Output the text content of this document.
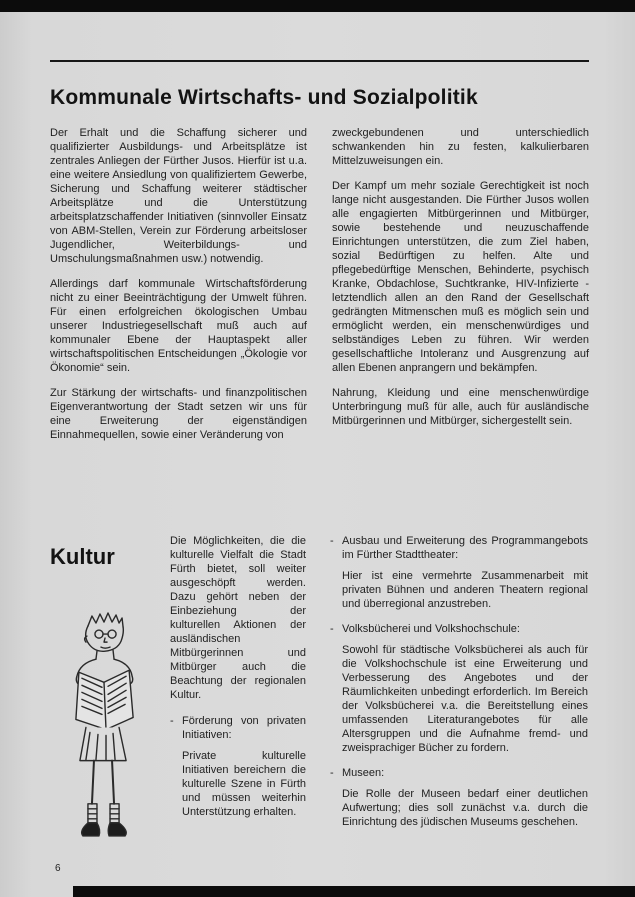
Kommunale Wirtschafts- und Sozialpolitik

Der Erhalt und die Schaffung sicherer und qualifizierter Ausbildungs- und Arbeitsplätze ist zentrales Anliegen der Fürther Jusos. Hierfür ist u.a. eine weitere Ansiedlung von qualifiziertem Gewerbe, Sicherung und Schaffung weiterer städtischer Arbeitsplätze und die Unterstützung arbeitsplatzschaffender Initiativen (sinnvoller Einsatz von ABM-Stellen, Verein zur Förderung arbeitsloser Jugendlicher, Weiterbildungs- und Umschulungsmaßnahmen usw.) notwendig.

Allerdings darf kommunale Wirtschaftsförderung nicht zu einer Beeinträchtigung der Umwelt führen. Für einen erfolgreichen ökologischen Umbau unserer Industriegesellschaft muß auch auf kommunaler Ebene der Hauptaspekt aller wirtschaftspolitischen Entscheidungen „Ökologie vor Ökonomie“ sein.

Zur Stärkung der wirtschafts- und finanzpolitischen Eigenverantwortung der Stadt setzen wir uns für eine Erweiterung der eigenständigen Einnahmequellen, sowie einer Veränderung von

zweckgebundenen und unterschiedlich schwankenden hin zu festen, kalkulierbaren Mittelzuweisungen ein.

Der Kampf um mehr soziale Gerechtigkeit ist noch lange nicht ausgestanden. Die Fürther Jusos wollen alle engagierten Mitbürgerinnen und Mitbürger, sowie bestehende und neuzuschaffende Einrichtungen unterstützen, die zum Ziel haben, sozial Bedürftigen zu helfen. Alte und pflegebedürftige Menschen, Behinderte, psychisch Kranke, Obdachlose, Suchtkranke, HIV-Infizierte - letztendlich allen an den Rand der Gesellschaft gedrängten Mitmenschen muß es möglich sein und ermöglicht werden, ein menschenwürdiges und selbständiges Leben zu führen. Wir werden gesellschaftliche Intoleranz und Ausgrenzung auf allen Ebenen anprangern und bekämpfen.

Nahrung, Kleidung und eine menschenwürdige Unterbringung muß für alle, auch für ausländische Mitbürgerinnen und Mitbürger, sichergestellt sein.

Kultur

Die Möglichkeiten, die die kulturelle Vielfalt die Stadt Fürth bietet, soll weiter ausgeschöpft werden. Dazu gehört neben der Einbeziehung der kulturellen Aktionen der ausländischen Mitbürgerinnen und Mitbürger auch die Beachtung der regionalen Kultur.

- Förderung von privaten Initiativen:
Private kulturelle Initiativen bereichern die kulturelle Szene in Fürth und müssen weiterhin Unterstützung erhalten.
- Ausbau und Erweiterung des Programmangebots im Fürther Stadttheater:
Hier ist eine vermehrte Zusammenarbeit mit privaten Bühnen und anderen Theatern regional und überregional anzustreben.
- Volksbücherei und Volkshochschule:
Sowohl für städtische Volksbücherei als auch für die Volkshochschule ist eine Erweiterung und Verbesserung des Angebotes und der Räumlichkeiten unbedingt erforderlich. Im Bereich der Volksbücherei v.a. die Bereitstellung eines umfassenden Literaturangebotes für alle Altersgruppen und die Aufnahme fremd- und zweisprachiger Bücher zu fordern.
- Museen:
Die Rolle der Museen bedarf einer deutlichen Aufwertung; dies soll zunächst v.a. durch die Einrichtung des jüdischen Museums geschehen.
6
